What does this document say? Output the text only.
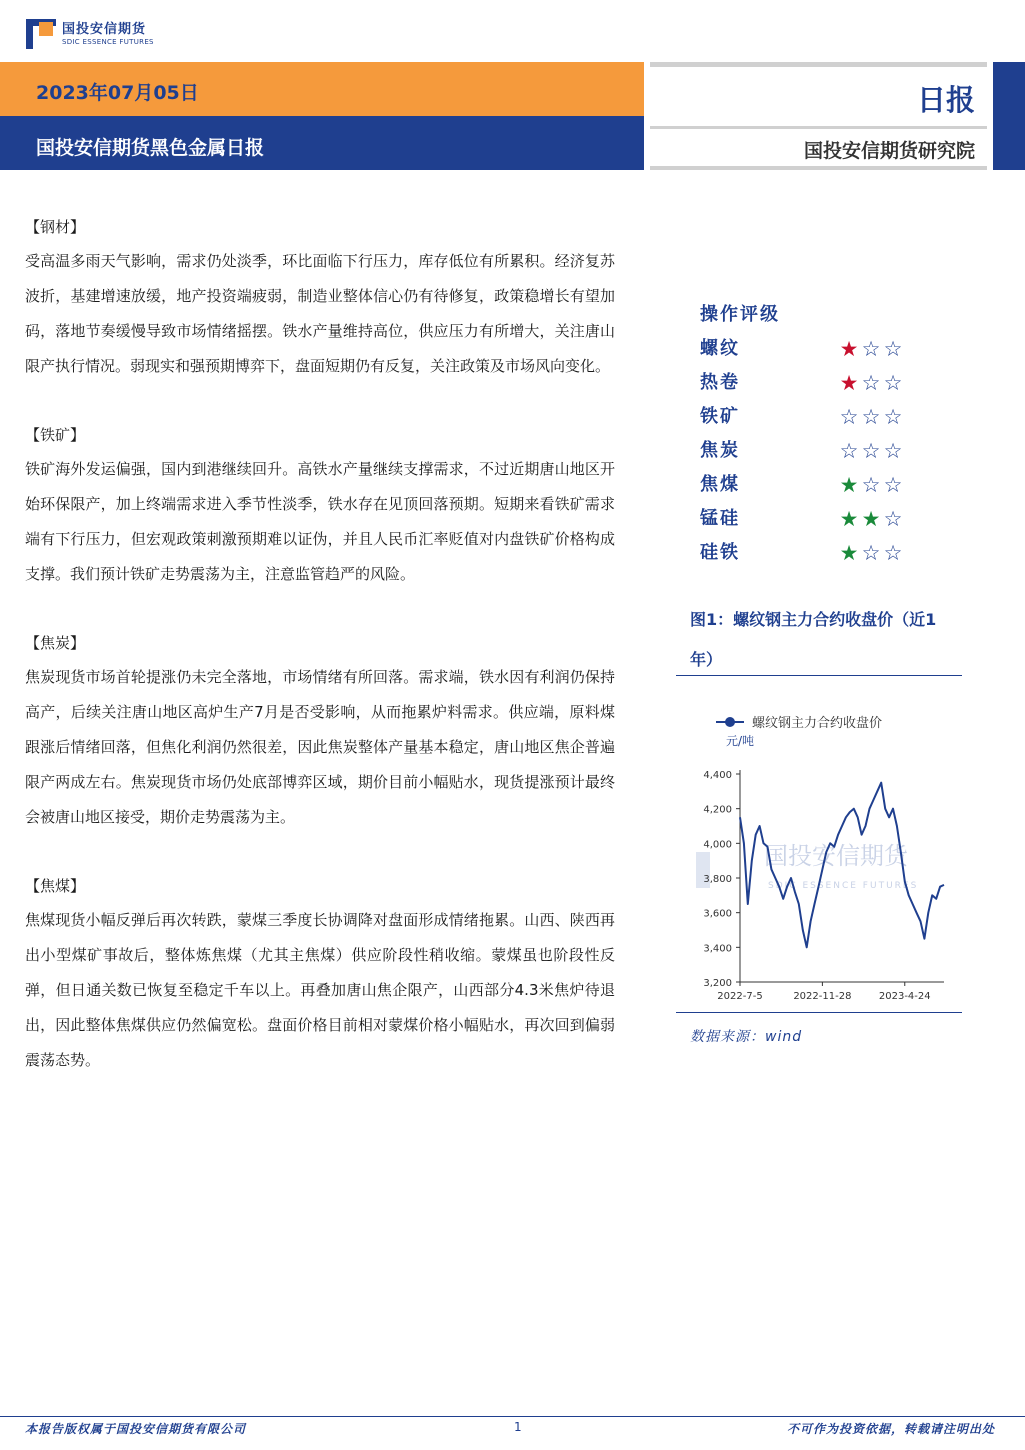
国投安信期货
SDIC ESSENCE FUTURES
2023年07月05日
国投安信期货黑色金属日报
日报
国投安信期货研究院
【钢材】
受高温多雨天气影响，需求仍处淡季，环比面临下行压力，库存低位有所累积。经济复苏波折，基建增速放缓，地产投资端疲弱，制造业整体信心仍有待修复，政策稳增长有望加码，落地节奏缓慢导致市场情绪摇摆。铁水产量维持高位，供应压力有所增大，关注唐山限产执行情况。弱现实和强预期博弈下，盘面短期仍有反复，关注政策及市场风向变化。
【铁矿】
铁矿海外发运偏强，国内到港继续回升。高铁水产量继续支撑需求，不过近期唐山地区开始环保限产，加上终端需求进入季节性淡季，铁水存在见顶回落预期。短期来看铁矿需求端有下行压力，但宏观政策刺激预期难以证伪，并且人民币汇率贬值对内盘铁矿价格构成支撑。我们预计铁矿走势震荡为主，注意监管趋严的风险。
【焦炭】
焦炭现货市场首轮提涨仍未完全落地，市场情绪有所回落。需求端，铁水因有利润仍保持高产，后续关注唐山地区高炉生产7月是否受影响，从而拖累炉料需求。供应端，原料煤跟涨后情绪回落，但焦化利润仍然很差，因此焦炭整体产量基本稳定，唐山地区焦企普遍限产两成左右。焦炭现货市场仍处底部博弈区域，期价目前小幅贴水，现货提涨预计最终会被唐山地区接受，期价走势震荡为主。
【焦煤】
焦煤现货小幅反弹后再次转跌，蒙煤三季度长协调降对盘面形成情绪拖累。山西、陕西再出小型煤矿事故后，整体炼焦煤（尤其主焦煤）供应阶段性稍收缩。蒙煤虽也阶段性反弹，但日通关数已恢复至稳定千车以上。再叠加唐山焦企限产，山西部分4.3米焦炉待退出，因此整体焦煤供应仍然偏宽松。盘面价格目前相对蒙煤价格小幅贴水，再次回到偏弱震荡态势。
操作评级
螺纹	★ ☆ ☆
热卷	★ ☆ ☆
铁矿	☆ ☆ ☆
焦炭	☆ ☆ ☆
焦煤	★ ☆ ☆
锰硅	★ ★ ☆
硅铁	★ ☆ ☆
图1：螺纹钢主力合约收盘价（近1年）
国投安信期货
SDIC ESSENCE FUTURES
螺纹钢主力合约收盘价
元/吨
3,200
3,400
3,600
3,800
4,000
4,200
4,400
2022-7-5	2022-11-28	2023-4-24
数据来源：wind
本报告版权属于国投安信期货有限公司	1	不可作为投资依据，转载请注明出处
